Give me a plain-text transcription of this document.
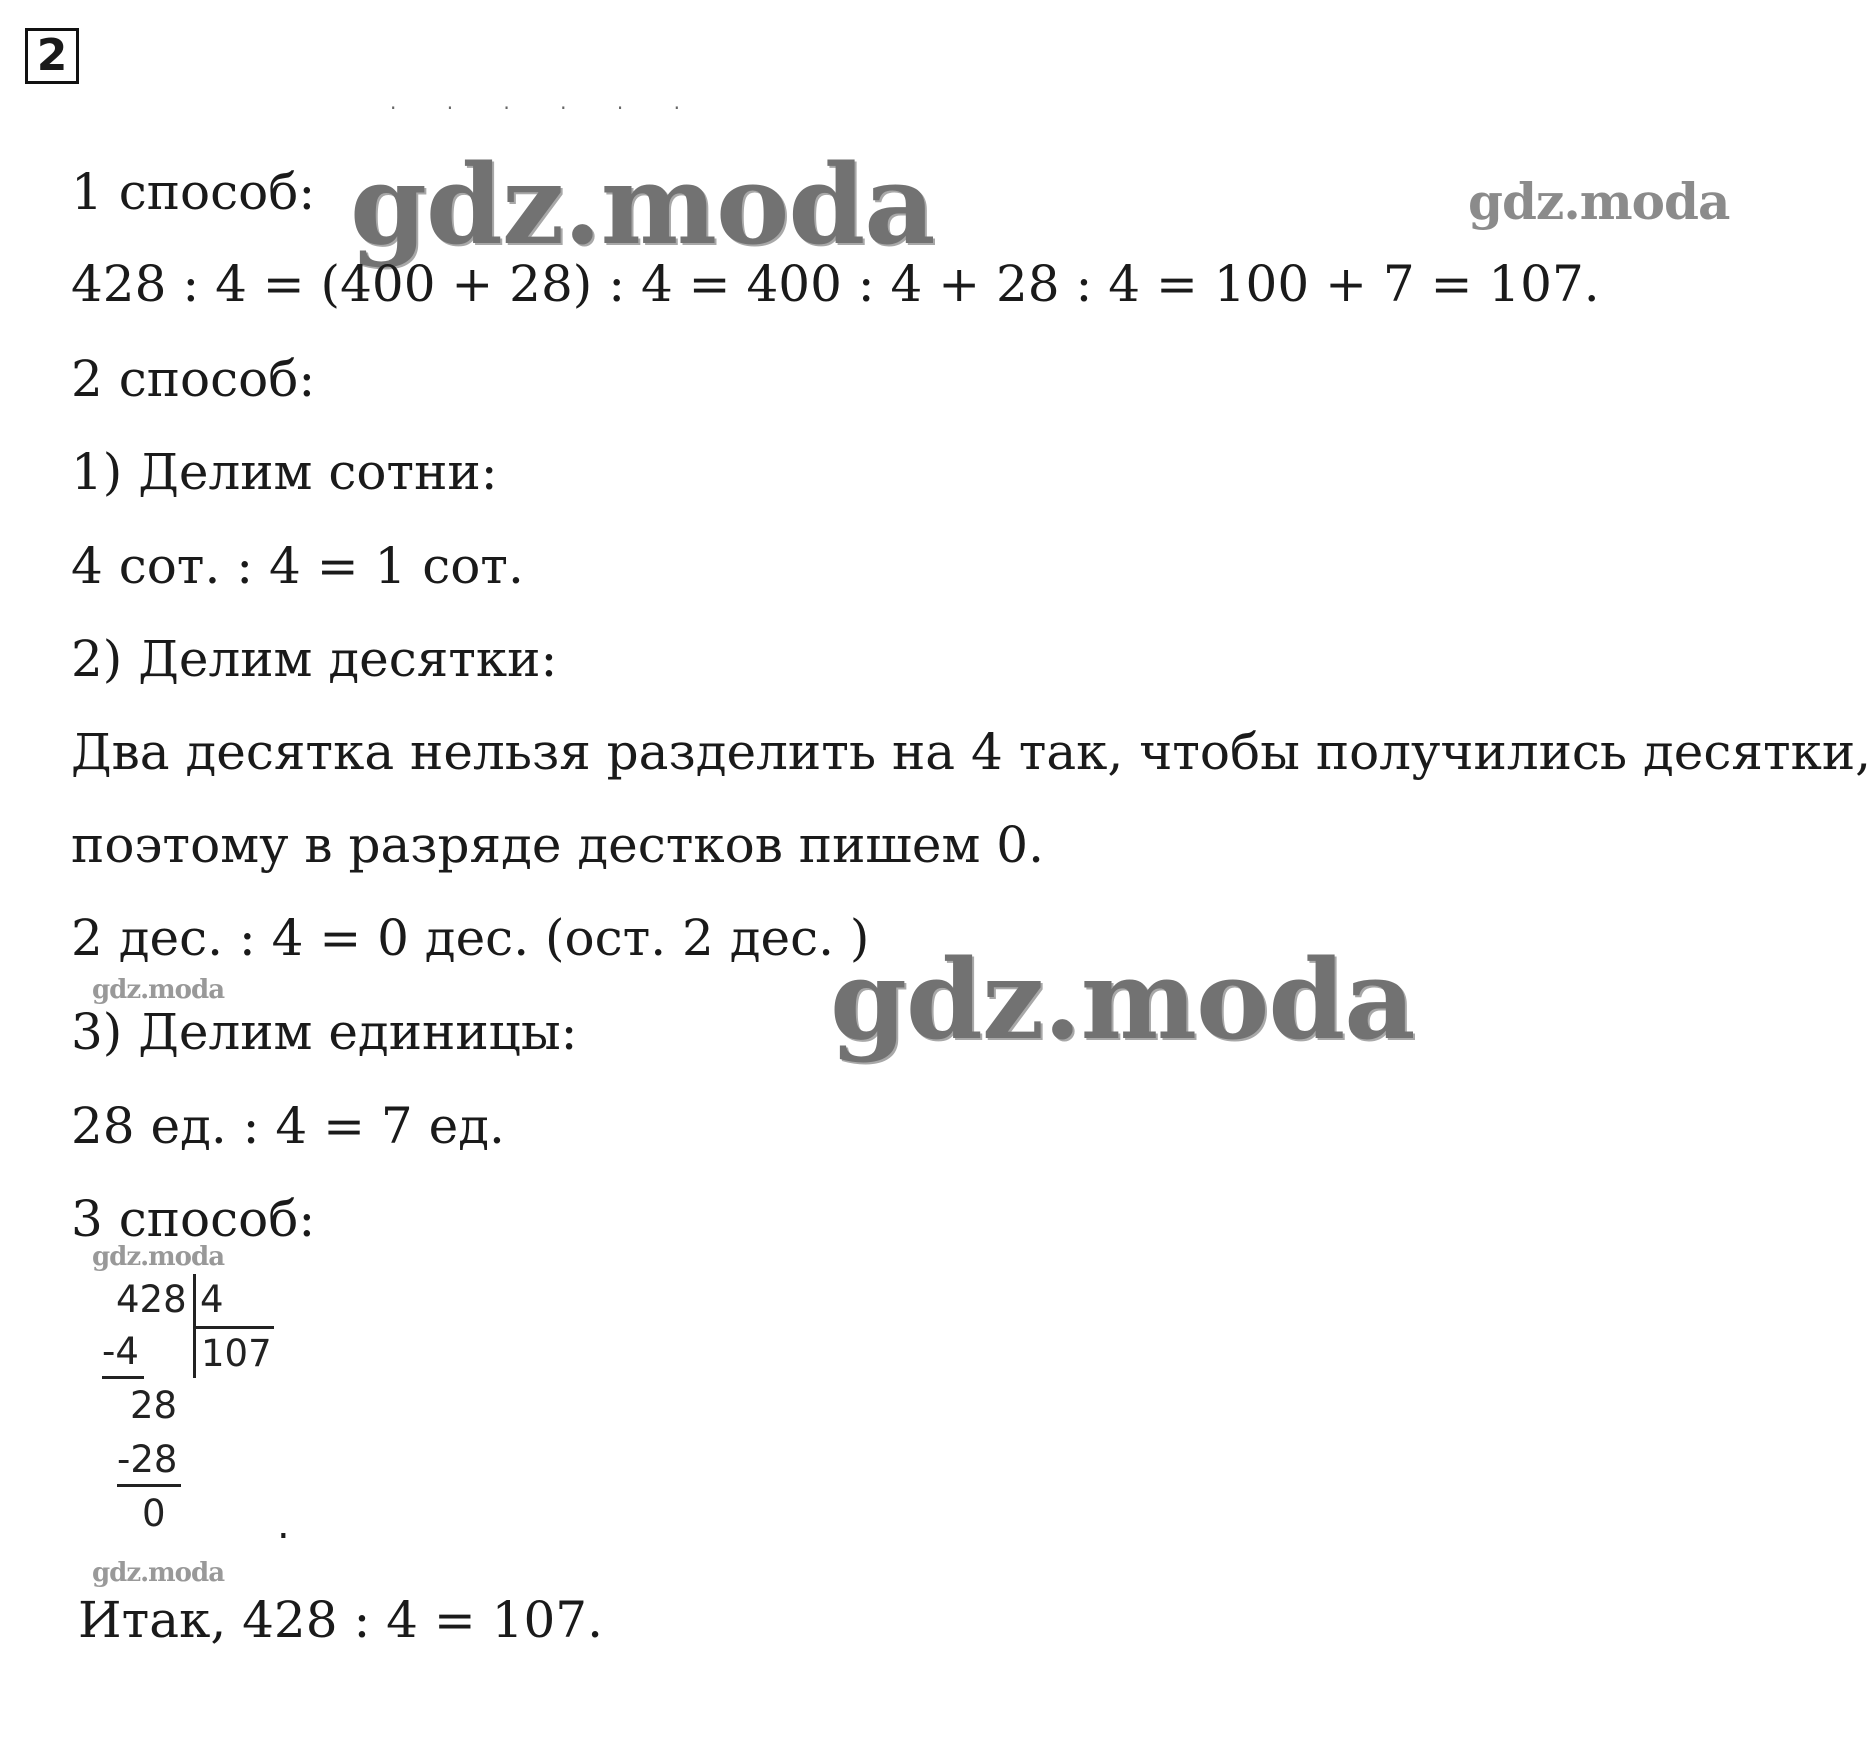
2
· · · · · ·
gdz.moda	gdz.moda
gdz.moda
gdz.moda
gdz.moda
gdz.moda
1 способ:
428 : 4 = (400 + 28) : 4 = 400 : 4 + 28 : 4 = 100 + 7 = 107.
2 способ:
1) Делим сотни:
4 сот. : 4 = 1 сот.
2) Делим десятки:
Два десятка нельзя разделить на 4 так, чтобы получились десятки,
поэтому в разряде дестков пишем 0.
2 дес. : 4 = 0 дес. (ост. 2 дес. )
3) Делим единицы:
28 ед. : 4 = 7 ед.
3 способ:
428 4
107
-4
28
-28
0	.
Итак, 428 : 4 = 107.
